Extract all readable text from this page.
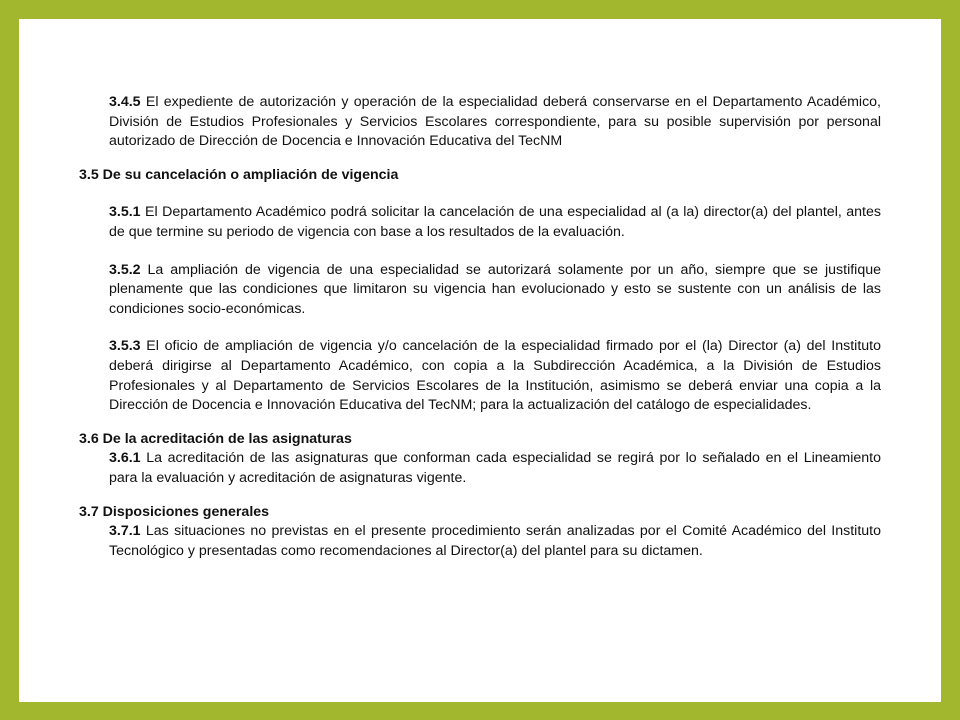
3.4.5 El expediente de autorización y operación de la especialidad deberá conservarse en el Departamento Académico, División de Estudios Profesionales y Servicios Escolares correspondiente, para su posible supervisión por personal autorizado de Dirección de Docencia e Innovación Educativa del TecNM
3.5 De su cancelación o ampliación de vigencia
3.5.1 El Departamento Académico podrá solicitar la cancelación de una especialidad al (a la) director(a) del plantel, antes de que termine su periodo de vigencia con base a los resultados de la evaluación.
3.5.2 La ampliación de vigencia de una especialidad se autorizará solamente por un año, siempre que se justifique plenamente que las condiciones que limitaron su vigencia han evolucionado y esto se sustente con un análisis de las condiciones socio-económicas.
3.5.3 El oficio de ampliación de vigencia y/o cancelación de la especialidad firmado por el (la) Director (a) del Instituto deberá dirigirse al Departamento Académico, con copia a la Subdirección Académica, a la División de Estudios Profesionales y al Departamento de Servicios Escolares de la Institución, asimismo se deberá enviar una copia a la Dirección de Docencia e Innovación Educativa del TecNM; para la actualización del catálogo de especialidades.
3.6 De la acreditación de las asignaturas
3.6.1 La acreditación de las asignaturas que conforman cada especialidad se regirá por lo señalado en el Lineamiento para la evaluación y acreditación de asignaturas vigente.
3.7 Disposiciones generales
3.7.1 Las situaciones no previstas en el presente procedimiento serán analizadas por el Comité Académico del Instituto Tecnológico y presentadas como recomendaciones al Director(a) del plantel para su dictamen.
